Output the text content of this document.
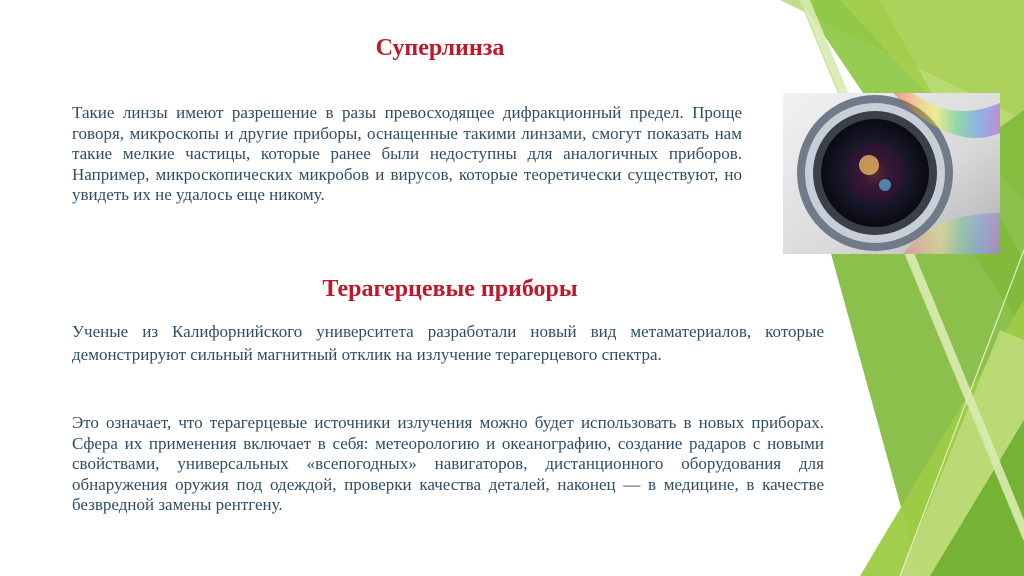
Суперлинза

Такие линзы имеют разрешение в разы превосходящее дифракционный предел. Проще говоря, микроскопы и другие приборы, оснащенные такими линзами, смогут показать нам такие мелкие частицы, которые ранее были недоступны для аналогичных приборов. Например, микроскопических микробов и вирусов, которые теоретически существуют, но увидеть их не удалось еще никому.

Терагерцевые приборы

Ученые из Калифорнийского университета разработали новый вид метаматериалов, которые демонстрируют сильный магнитный отклик на излучение терагерцевого спектра.

Это означает, что терагерцевые источники излучения можно будет использовать в новых приборах. Сфера их применения включает в себя: метеорологию и океанографию, создание радаров с новыми свойствами, универсальных «всепогодных» навигаторов, дистанционного оборудования для обнаружения оружия под одеждой, проверки качества деталей, наконец — в медицине, в качестве безвредной замены рентгену.
